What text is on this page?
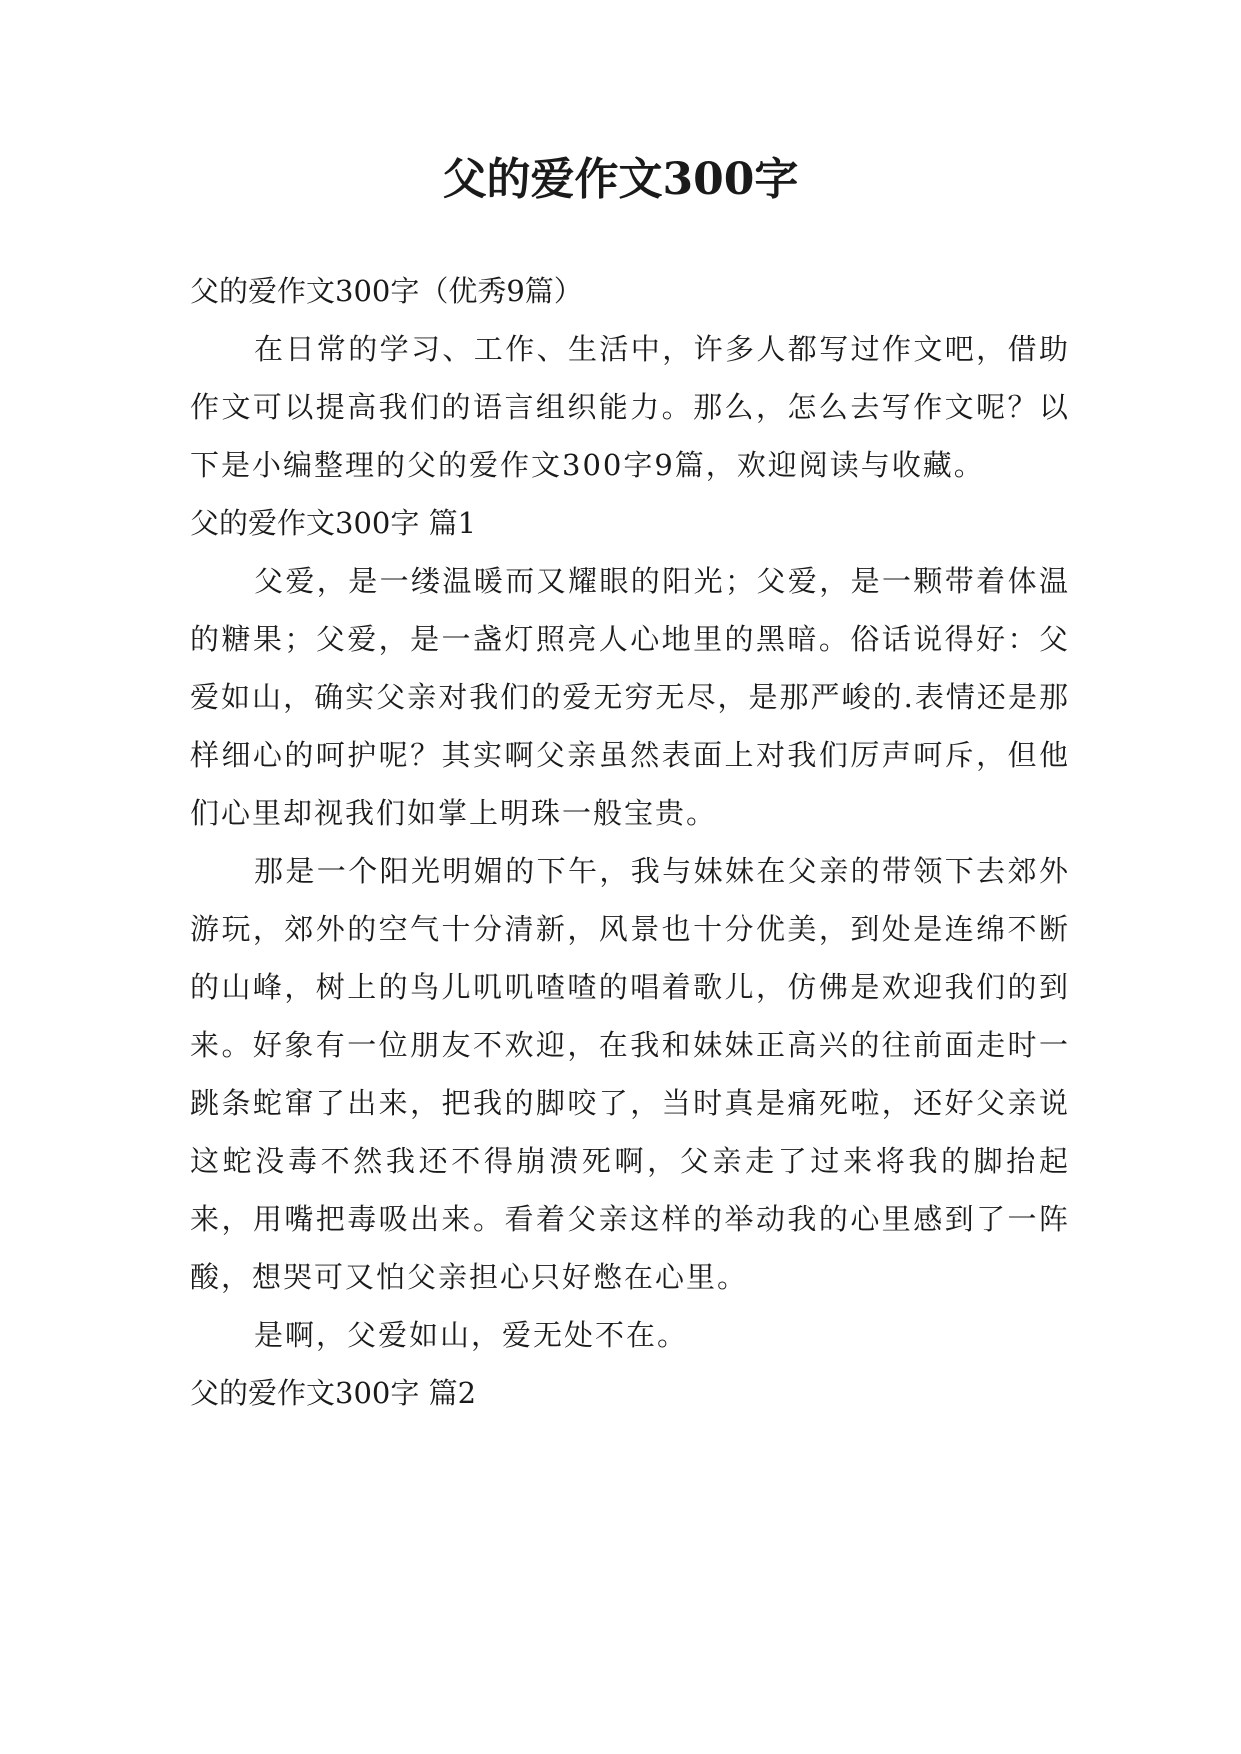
父的爱作文300字

父的爱作文300字（优秀9篇）

在日常的学习、工作、生活中，许多人都写过作文吧，借助作文可以提高我们的语言组织能力。那么，怎么去写作文呢？以下是小编整理的父的爱作文300字9篇，欢迎阅读与收藏。

父的爱作文300字 篇1

父爱，是一缕温暖而又耀眼的阳光；父爱，是一颗带着体温的糖果；父爱，是一盏灯照亮人心地里的黑暗。俗话说得好：父爱如山，确实父亲对我们的爱无穷无尽，是那严峻的.表情还是那样细心的呵护呢？其实啊父亲虽然表面上对我们厉声呵斥，但他们心里却视我们如掌上明珠一般宝贵。

那是一个阳光明媚的下午，我与妹妹在父亲的带领下去郊外游玩，郊外的空气十分清新，风景也十分优美，到处是连绵不断的山峰，树上的鸟儿叽叽喳喳的唱着歌儿，仿佛是欢迎我们的到来。好象有一位朋友不欢迎，在我和妹妹正高兴的往前面走时一跳条蛇窜了出来，把我的脚咬了，当时真是痛死啦，还好父亲说这蛇没毒不然我还不得崩溃死啊，父亲走了过来将我的脚抬起来，用嘴把毒吸出来。看着父亲这样的举动我的心里感到了一阵酸，想哭可又怕父亲担心只好憋在心里。

是啊，父爱如山，爱无处不在。

父的爱作文300字 篇2
